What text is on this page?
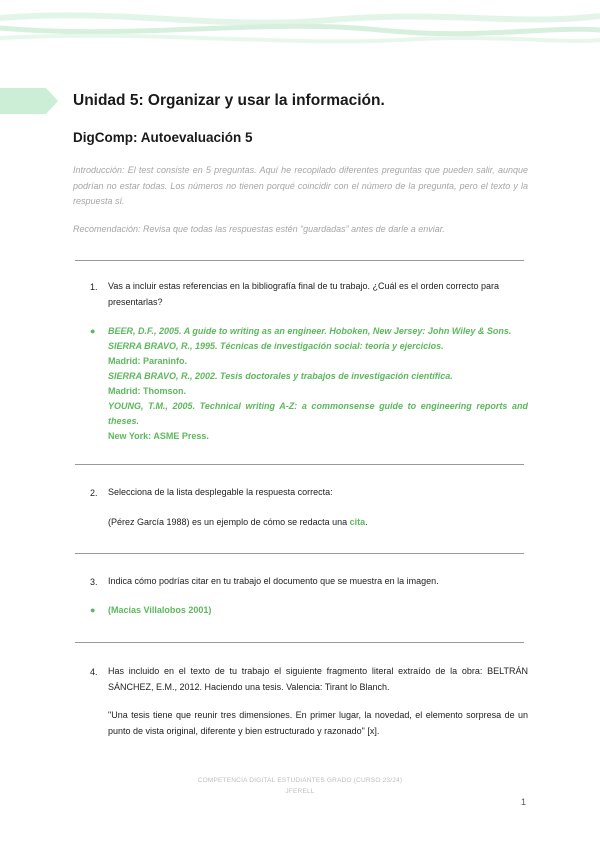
Unidad 5: Organizar y usar la información.
DigComp: Autoevaluación 5

Introducción: El test consiste en 5 preguntas. Aquí he recopilado diferentes preguntas que pueden salir, aunque podrían no estar todas. Los números no tienen porqué coincidir con el número de la pregunta, pero el texto y la respuesta sí.

Recomendación: Revisa que todas las respuestas estén “guardadas” antes de darle a enviar.

1. Vas a incluir estas referencias en la bibliografía final de tu trabajo. ¿Cuál es el orden correcto para presentarlas?

● BEER, D.F., 2005. A guide to writing as an engineer. Hoboken, New Jersey: John Wiley & Sons.
SIERRA BRAVO, R., 1995. Técnicas de investigación social: teoría y ejercicios.
Madrid: Paraninfo.
SIERRA BRAVO, R., 2002. Tesis doctorales y trabajos de investigación científica.
Madrid: Thomson.
YOUNG, T.M., 2005. Technical writing A-Z: a commonsense guide to engineering reports and theses.
New York: ASME Press.
2. Selecciona de la lista desplegable la respuesta correcta:

(Pérez García 1988) es un ejemplo de cómo se redacta una cita.

3. Indica cómo podrías citar en tu trabajo el documento que se muestra en la imagen.

● (Macías Villalobos 2001)

4. Has incluido en el texto de tu trabajo el siguiente fragmento literal extraído de la obra: BELTRÁN SÁNCHEZ, E.M., 2012. Haciendo una tesis. Valencia: Tirant lo Blanch.

"Una tesis tiene que reunir tres dimensiones. En primer lugar, la novedad, el elemento sorpresa de un punto de vista original, diferente y bien estructurado y razonado" [x].

COMPETENCIA DIGITAL ESTUDIANTES GRADO (CURSO 23/24)
JFERELL
1
